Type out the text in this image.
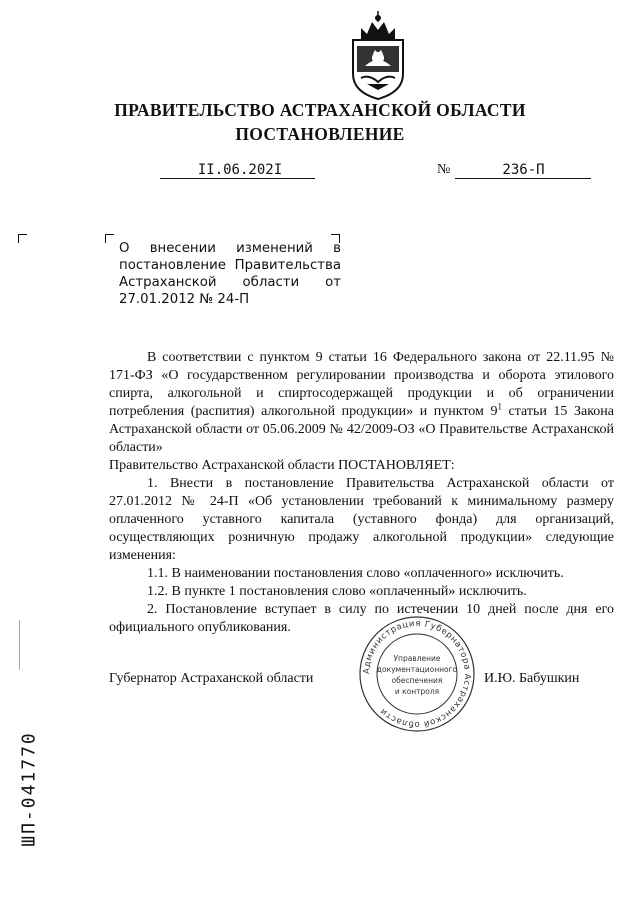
ПРАВИТЕЛЬСТВО АСТРАХАНСКОЙ ОБЛАСТИ
ПОСТАНОВЛЕНИЕ
II.06.202I	№	236-П
О внесении изменений в постановление Правительства Астраханской области от 27.01.2012 № 24-П

В соответствии с пунктом 9 статьи 16 Федерального закона от 22.11.95 № 171-ФЗ «О государственном регулировании производства и оборота этилового спирта, алкогольной и спиртосодержащей продукции и об ограничении потребления (распития) алкогольной продукции» и пунктом $9^1$ статьи 15 Закона Астраханской области от 05.06.2009 № 42/2009-ОЗ «О Правительстве Астраханской области»

Правительство Астраханской области ПОСТАНОВЛЯЕТ:

1. Внести в постановление Правительства Астраханской области от 27.01.2012 № 24-П «Об установлении требований к минимальному размеру оплаченного уставного капитала (уставного фонда) для организаций, осуществляющих розничную продажу алкогольной продукции» следующие изменения:

1.1. В наименовании постановления слово «оплаченного» исключить.

1.2. В пункте 1 постановления слово «оплаченный» исключить.

2. Постановление вступает в силу по истечении 10 дней после дня его официального опубликования.

Губернатор Астраханской области	И.Ю. Бабушкин
Администрация Губернатора Астраханской области
Управление
документационного
обеспечения
и контроля
ШП-041770
